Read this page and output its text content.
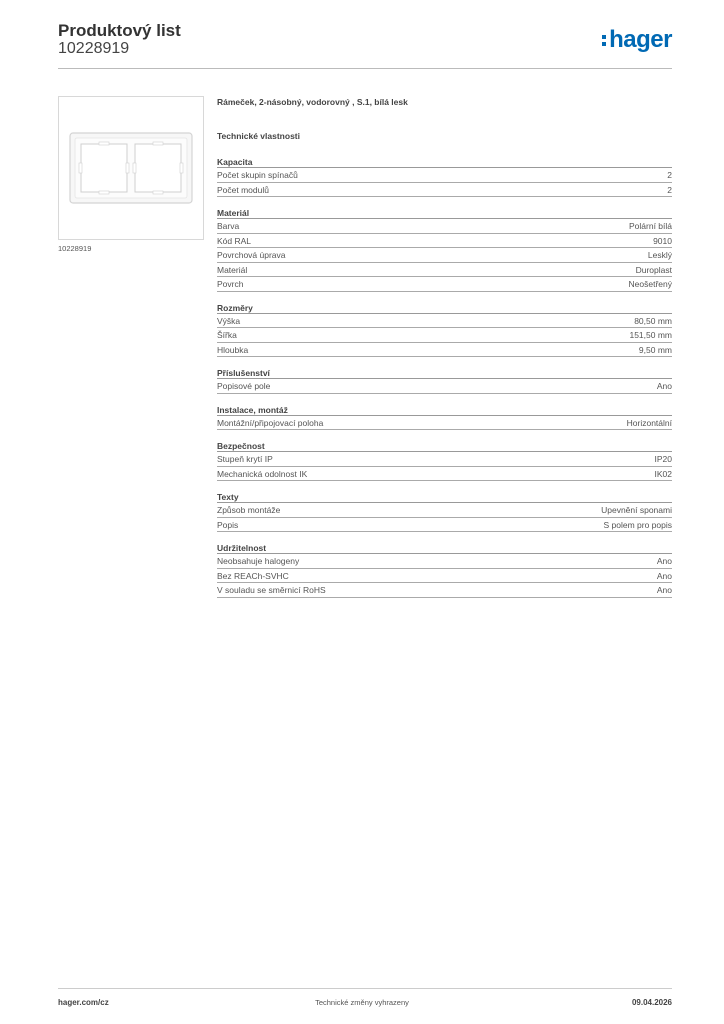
Produktový list
10228919	hager
10228919
Rámeček, 2-násobný, vodorovný , S.1, bílá lesk
Technické vlastnosti
Kapacita
Počet skupin spínačů	2
Počet modulů	2
Materiál
Barva	Polární bílá
Kód RAL	9010
Povrchová úprava	Lesklý
Materiál	Duroplast
Povrch	Neošetřený
Rozměry
Výška	80,50 mm
Šířka	151,50 mm
Hloubka	9,50 mm
Příslušenství
Popisové pole	Ano
Instalace, montáž
Montážní/připojovací poloha	Horizontální
Bezpečnost
Stupeň krytí IP	IP20
Mechanická odolnost IK	IK02
Texty
Způsob montáže	Upevnění sponami
Popis	S polem pro popis
Udržitelnost
Neobsahuje halogeny	Ano
Bez REACh-SVHC	Ano
V souladu se směrnicí RoHS	Ano
hager.com/cz	Technické změny vyhrazeny	09.04.2026
